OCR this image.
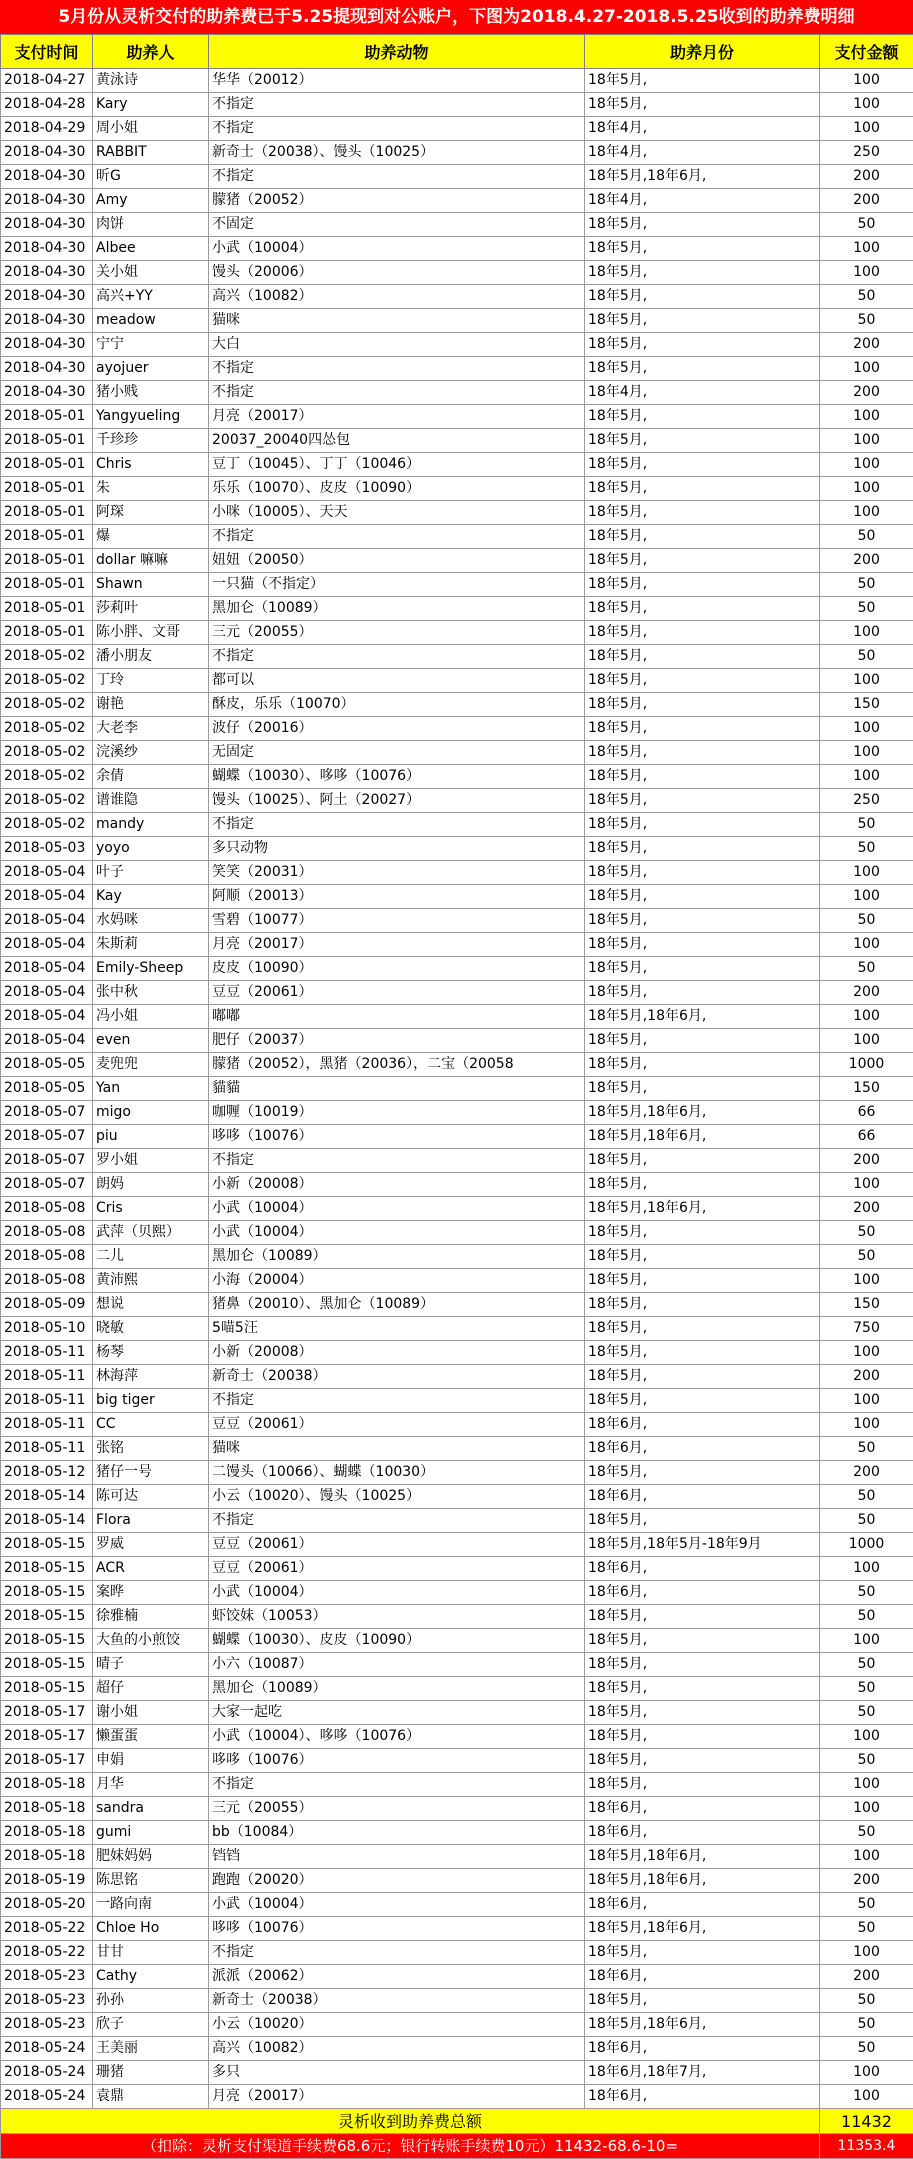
5月份从灵析交付的助养费已于5.25提现到对公账户，下图为2018.4.27-2018.5.25收到的助养费明细
支付时间	助养人	助养动物	助养月份	支付金额
2018-04-27	黄泳诗	华华（20012）	18年5月,	100
2018-04-28	Kary	不指定	18年5月,	100
2018-04-29	周小姐	不指定	18年4月,	100
2018-04-30	RABBIT	新奇士（20038）、馒头（10025）	18年4月,	250
2018-04-30	昕G	不指定	18年5月,18年6月,	200
2018-04-30	Amy	朦猪（20052）	18年4月,	200
2018-04-30	肉饼	不固定	18年5月,	50
2018-04-30	Albee	小武（10004）	18年5月,	100
2018-04-30	关小姐	馒头（20006）	18年5月,	100
2018-04-30	高兴+YY	高兴（10082）	18年5月,	50
2018-04-30	meadow	猫咪	18年5月,	50
2018-04-30	宁宁	大白	18年5月,	200
2018-04-30	ayojuer	不指定	18年5月,	100
2018-04-30	猪小贱	不指定	18年4月,	200
2018-05-01	Yangyueling	月亮（20017）	18年5月,	100
2018-05-01	千珍珍	20037_20040四怂包	18年5月,	100
2018-05-01	Chris	豆丁（10045）、丁丁（10046）	18年5月,	100
2018-05-01	朱	乐乐（10070）、皮皮（10090）	18年5月,	100
2018-05-01	阿琛	小咪（10005）、天天	18年5月,	100
2018-05-01	爆	不指定	18年5月,	50
2018-05-01	dollar 嘛嘛	妞妞（20050）	18年5月,	200
2018-05-01	Shawn	一只猫（不指定）	18年5月,	50
2018-05-01	莎莉叶	黑加仑（10089）	18年5月,	50
2018-05-01	陈小胖、文哥	三元（20055）	18年5月,	100
2018-05-02	潘小朋友	不指定	18年5月,	50
2018-05-02	丁玲	都可以	18年5月,	100
2018-05-02	谢艳	酥皮，乐乐（10070）	18年5月,	150
2018-05-02	大老李	波仔（20016）	18年5月,	100
2018-05-02	浣溪纱	无固定	18年5月,	100
2018-05-02	余倩	蝴蝶（10030）、哆哆（10076）	18年5月,	100
2018-05-02	谱谁隐	馒头（10025）、阿土（20027）	18年5月,	250
2018-05-02	mandy	不指定	18年5月,	50
2018-05-03	yoyo	多只动物	18年5月,	50
2018-05-04	叶子	笑笑（20031）	18年5月,	100
2018-05-04	Kay	阿顺（20013）	18年5月,	100
2018-05-04	水妈咪	雪碧（10077）	18年5月,	50
2018-05-04	朱斯莉	月亮（20017）	18年5月,	100
2018-05-04	Emily-Sheep	皮皮（10090）	18年5月,	50
2018-05-04	张中秋	豆豆（20061）	18年5月,	200
2018-05-04	冯小姐	嘟嘟	18年5月,18年6月,	100
2018-05-04	even	肥仔（20037）	18年5月,	100
2018-05-05	麦兜兜	朦猪（20052），黑猪（20036），二宝（20058	18年5月,	1000
2018-05-05	Yan	貓貓	18年5月,	150
2018-05-07	migo	咖喱（10019）	18年5月,18年6月,	66
2018-05-07	piu	哆哆（10076）	18年5月,18年6月,	66
2018-05-07	罗小姐	不指定	18年5月,	200
2018-05-07	朗妈	小新（20008）	18年5月,	100
2018-05-08	Cris	小武（10004）	18年5月,18年6月,	200
2018-05-08	武萍（贝熙）	小武（10004）	18年5月,	50
2018-05-08	二儿	黑加仑（10089）	18年5月,	50
2018-05-08	黄沛熙	小海（20004）	18年5月,	100
2018-05-09	想说	猪鼻（20010）、黑加仑（10089）	18年5月,	150
2018-05-10	晓敏	5喵5汪	18年5月,	750
2018-05-11	杨琴	小新（20008）	18年5月,	100
2018-05-11	林海萍	新奇士（20038）	18年5月,	200
2018-05-11	big tiger	不指定	18年5月,	100
2018-05-11	CC	豆豆（20061）	18年6月,	100
2018-05-11	张铭	猫咪	18年6月,	50
2018-05-12	猪仔一号	二馒头（10066）、蝴蝶（10030）	18年5月,	200
2018-05-14	陈可达	小云（10020）、馒头（10025）	18年6月,	50
2018-05-14	Flora	不指定	18年5月,	50
2018-05-15	罗威	豆豆（20061）	18年5月,18年5月-18年9月	1000
2018-05-15	ACR	豆豆（20061）	18年6月,	100
2018-05-15	案晔	小武（10004）	18年6月,	50
2018-05-15	徐雅楠	虾饺妹（10053）	18年5月,	50
2018-05-15	大鱼的小煎饺	蝴蝶（10030）、皮皮（10090）	18年5月,	100
2018-05-15	晴子	小六（10087）	18年5月,	50
2018-05-15	超仔	黑加仑（10089）	18年5月,	50
2018-05-17	谢小姐	大家一起吃	18年5月,	50
2018-05-17	懒蛋蛋	小武（10004）、哆哆（10076）	18年5月,	100
2018-05-17	申娟	哆哆（10076）	18年5月,	50
2018-05-18	月华	不指定	18年5月,	100
2018-05-18	sandra	三元（20055）	18年6月,	100
2018-05-18	gumi	bb（10084）	18年6月,	50
2018-05-18	肥妹妈妈	铛铛	18年5月,18年6月,	100
2018-05-19	陈思铭	跑跑（20020）	18年5月,18年6月,	200
2018-05-20	一路向南	小武（10004）	18年6月,	50
2018-05-22	Chloe Ho	哆哆（10076）	18年5月,18年6月,	50
2018-05-22	甘甘	不指定	18年5月,	100
2018-05-23	Cathy	派派（20062）	18年6月,	200
2018-05-23	孙孙	新奇士（20038）	18年5月,	50
2018-05-23	欣子	小云（10020）	18年5月,18年6月,	50
2018-05-24	王美丽	高兴（10082）	18年6月,	50
2018-05-24	珊猪	多只	18年6月,18年7月,	100
2018-05-24	袁鼎	月亮（20017）	18年6月,	100
灵析收到助养费总额				11432
（扣除：灵析支付渠道手续费68.6元；银行转账手续费10元）11432-68.6-10=				11353.4
